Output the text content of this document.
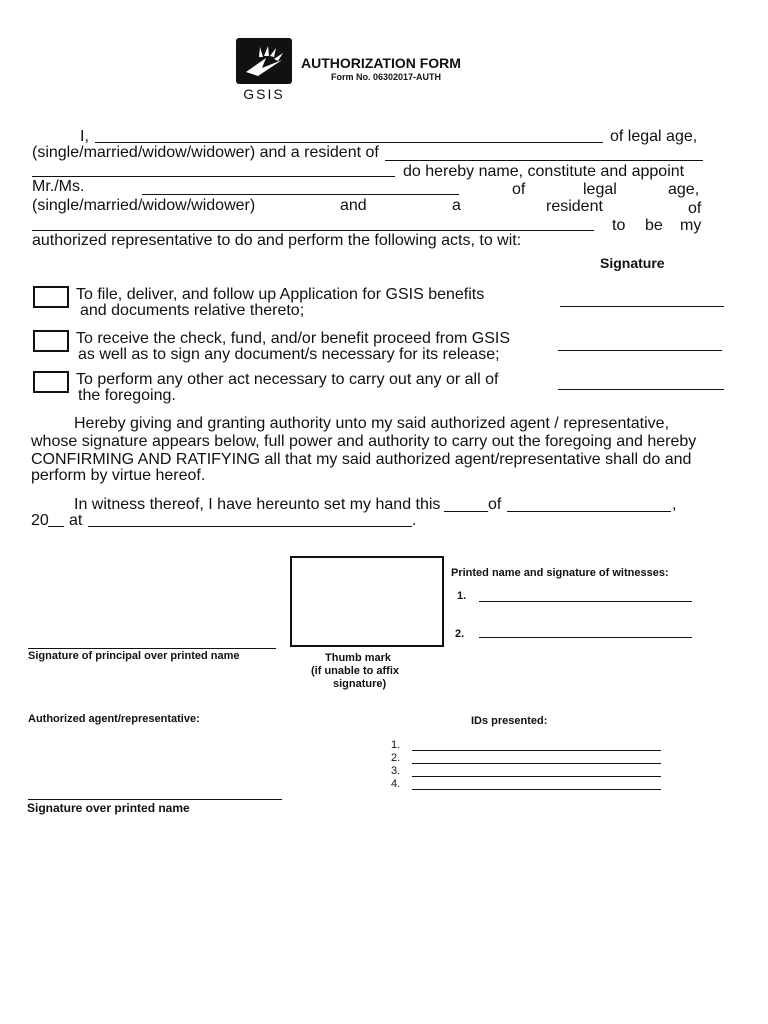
GSIS
AUTHORIZATION FORM
Form No. 06302017-AUTH
I,	of legal age,
(single/married/widow/widower) and a resident of
do hereby name, constitute and appoint
Mr./Ms.	of	legal	age,
(single/married/widow/widower)	and	a	resident	of
to be my
authorized representative to do and perform the following acts, to wit:
Signature
To file, deliver, and follow up Application for GSIS benefits
and documents relative thereto;
To receive the check, fund, and/or benefit proceed from GSIS
as well as to sign any document/s necessary for its release;
To perform any other act necessary to carry out any or all of
the foregoing.
Hereby giving and granting authority unto my said authorized agent / representative,
whose signature appears below, full power and authority to carry out the foregoing and hereby
CONFIRMING AND RATIFYING all that my said authorized agent/representative shall do and
perform by virtue hereof.
In witness thereof, I have hereunto set my hand this	of	,
20 at	.
Thumb mark
(if unable to affix
signature)
Signature of principal over printed name
Printed name and signature of witnesses:
1.
2.
Authorized agent/representative:	IDs presented:
1.
2.
3.
4.
Signature over printed name
